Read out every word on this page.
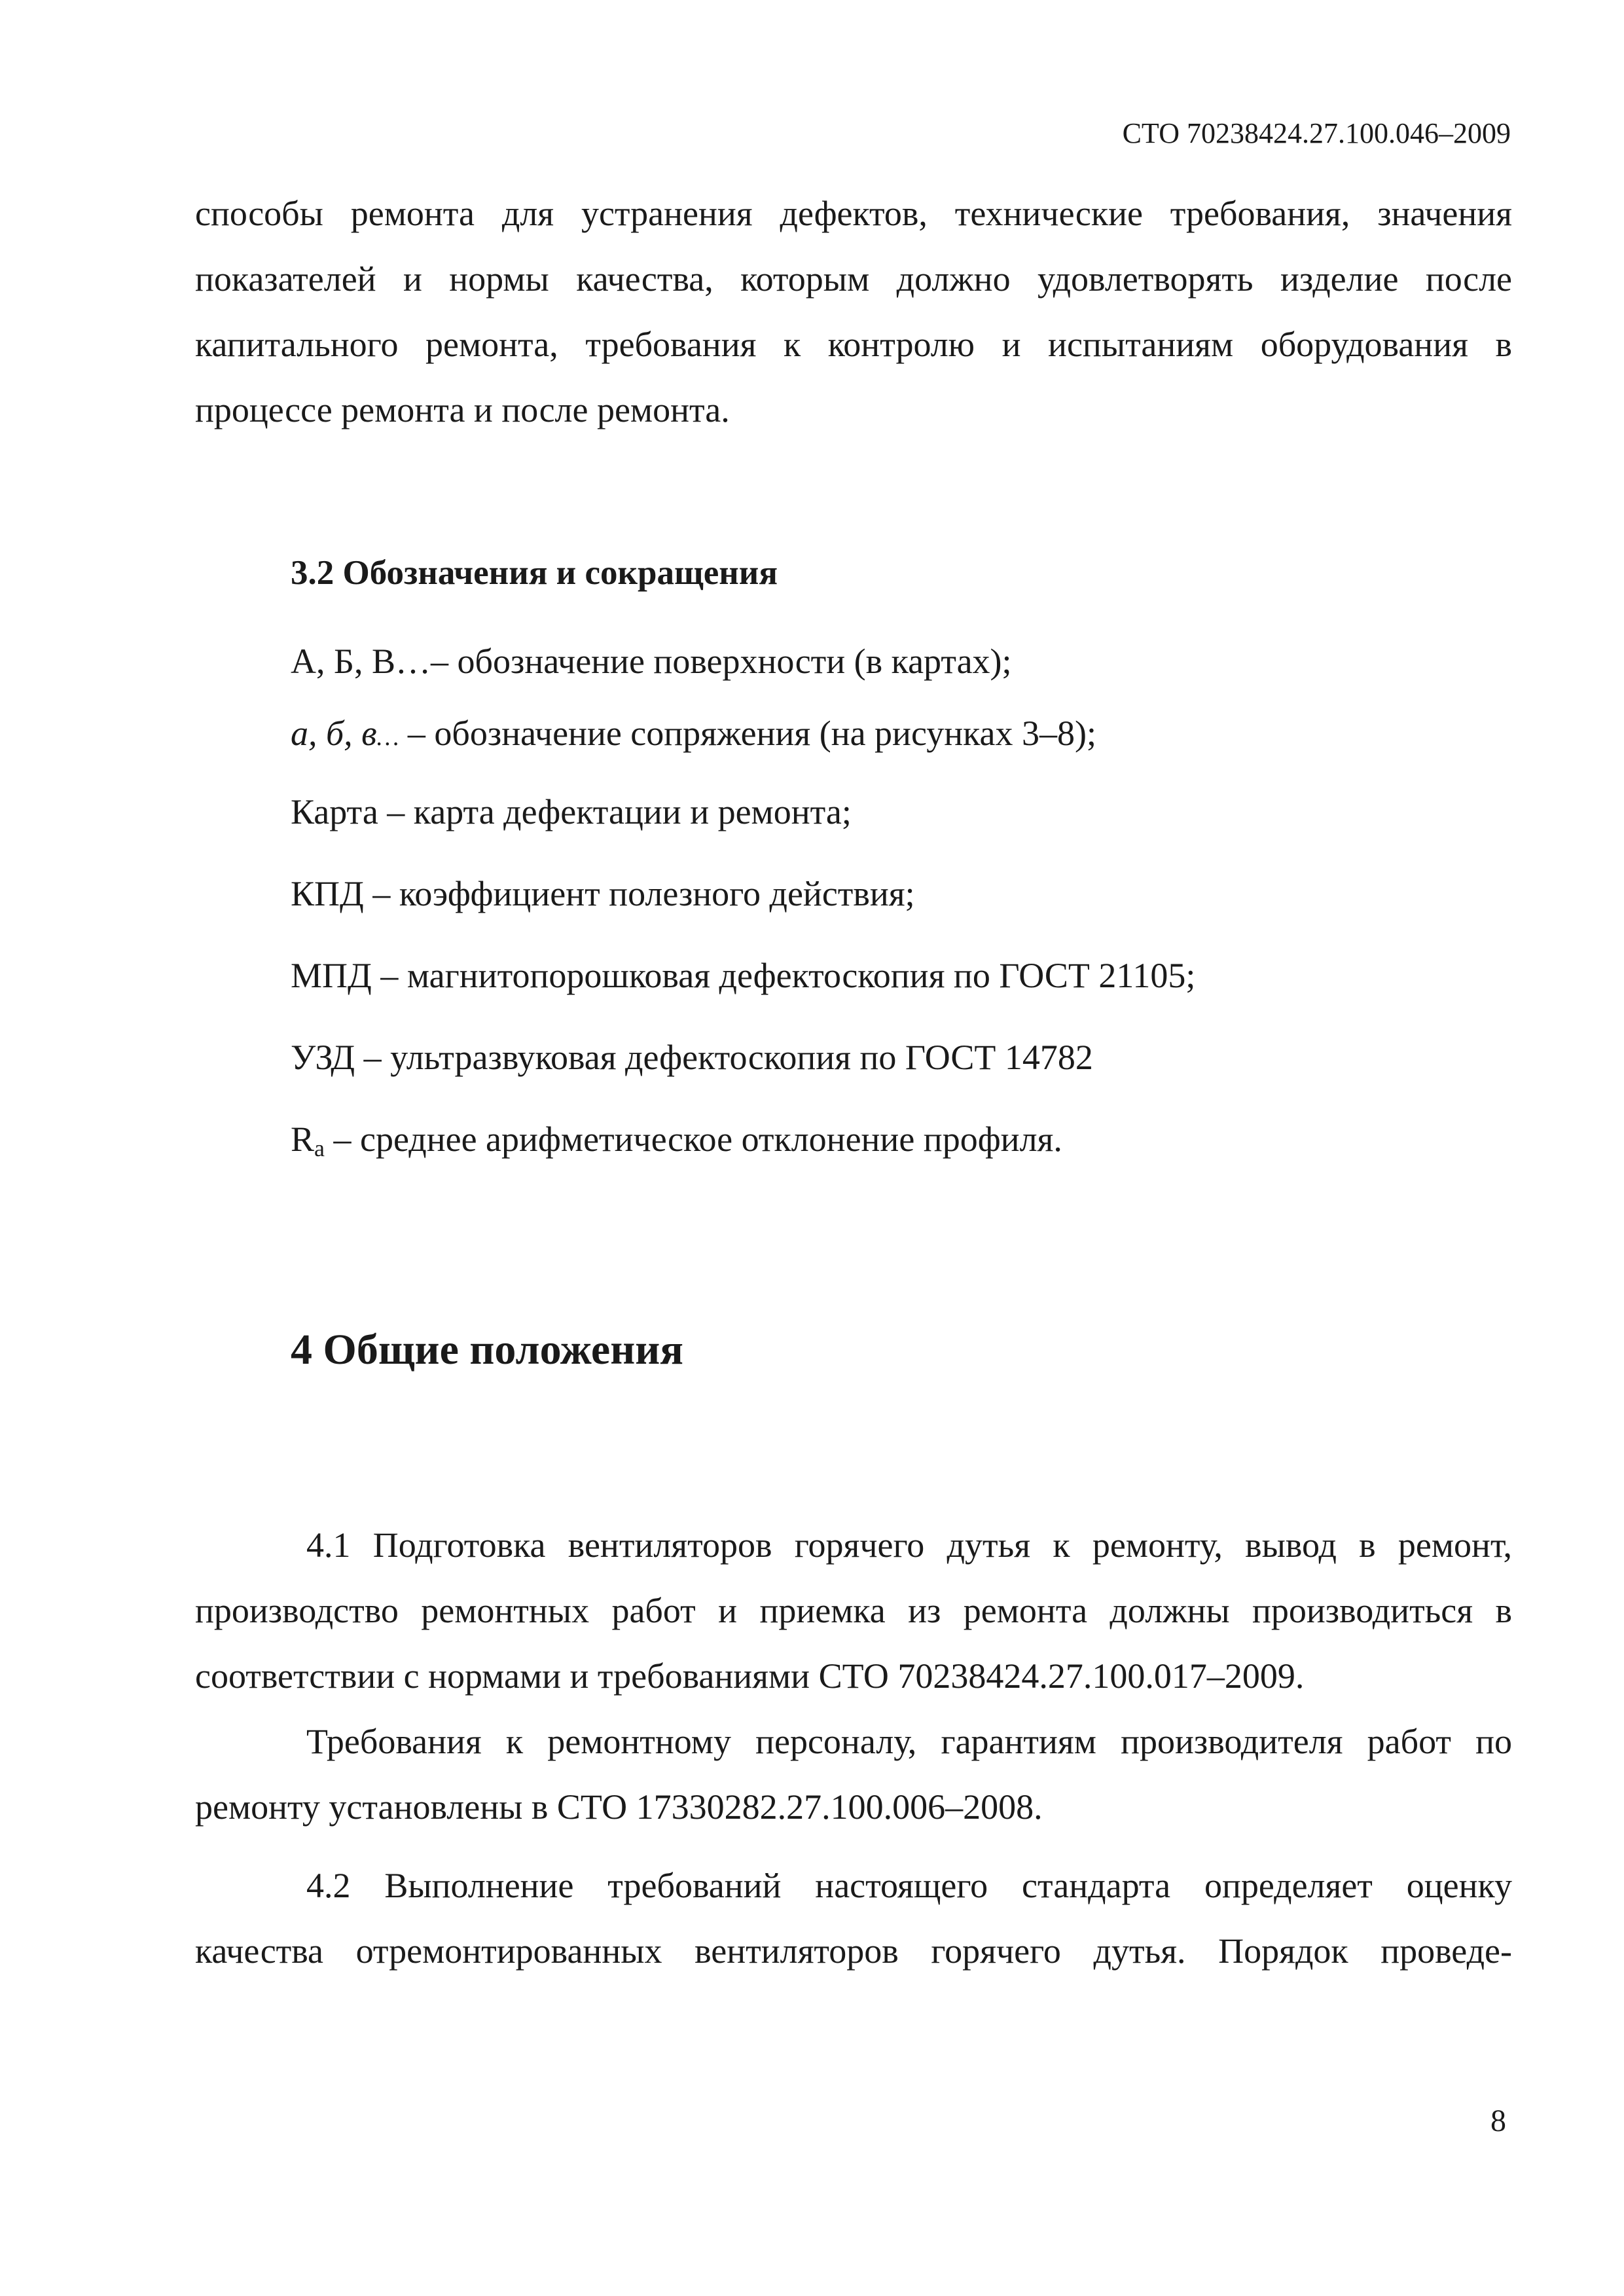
СТО 70238424.27.100.046–2009
способы ремонта для устранения дефектов, технические требования, значения
показателей и нормы качества, которым должно удовлетворять изделие после
капитального ремонта, требования к контролю и испытаниям оборудования в
процессе ремонта и после ремонта.
3.2 Обозначения и сокращения
А, Б, В…– обозначение поверхности (в картах);
а, б, в… – обозначение сопряжения (на рисунках 3–8);
Карта – карта дефектации и ремонта;
КПД – коэффициент полезного действия;
МПД – магнитопорошковая дефектоскопия по ГОСТ 21105;
УЗД – ультразвуковая дефектоскопия по ГОСТ 14782
$R_a$ – среднее арифметическое отклонение профиля.
4 Общие положения
4.1 Подготовка вентиляторов горячего дутья к ремонту, вывод в ремонт,
производство ремонтных работ и приемка из ремонта должны производиться в
соответствии с нормами и требованиями СТО 70238424.27.100.017–2009.
Требования к ремонтному персоналу, гарантиям производителя работ по
ремонту установлены в СТО 17330282.27.100.006–2008.
4.2 Выполнение требований настоящего стандарта определяет оценку
качества отремонтированных вентиляторов горячего дутья. Порядок проведе-
8
